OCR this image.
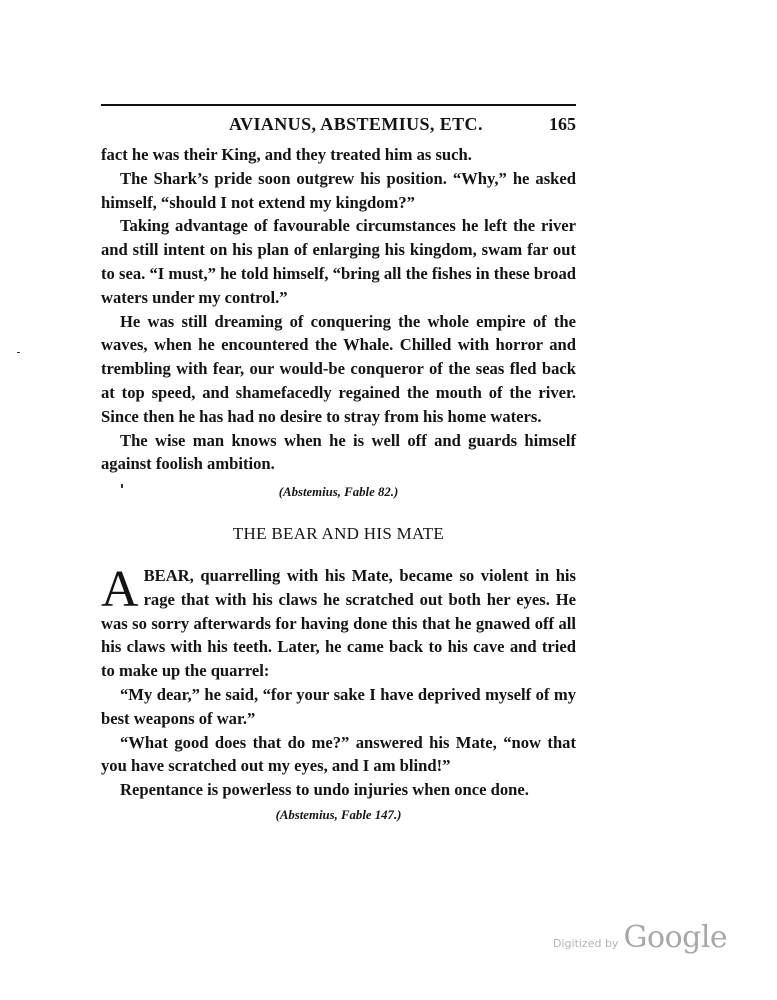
AVIANUS, ABSTEMIUS, ETC.	165

fact he was their King, and they treated him as such.

The Shark’s pride soon outgrew his position. “Why,” he asked himself, “should I not extend my kingdom?”

Taking advantage of favourable circumstances he left the river and still intent on his plan of enlarging his kingdom, swam far out to sea. “I must,” he told himself, “bring all the fishes in these broad waters under my control.”

He was still dreaming of conquering the whole empire of the waves, when he encountered the Whale. Chilled with horror and trembling with fear, our would-be conqueror of the seas fled back at top speed, and shamefacedly regained the mouth of the river. Since then he has had no desire to stray from his home waters.

The wise man knows when he is well off and guards himself against foolish ambition.

(Abstemius, Fable 82.)
THE BEAR AND HIS MATE

ABEAR, quarrelling with his Mate, became so violent in his rage that with his claws he scratched out both her eyes. He was so sorry afterwards for having done this that he gnawed off all his claws with his teeth. Later, he came back to his cave and tried to make up the quarrel:

“My dear,” he said, “for your sake I have deprived myself of my best weapons of war.”

“What good does that do me?” answered his Mate, “now that you have scratched out my eyes, and I am blind!”

Repentance is powerless to undo injuries when once done.

(Abstemius, Fable 147.)
Digitized by Google
